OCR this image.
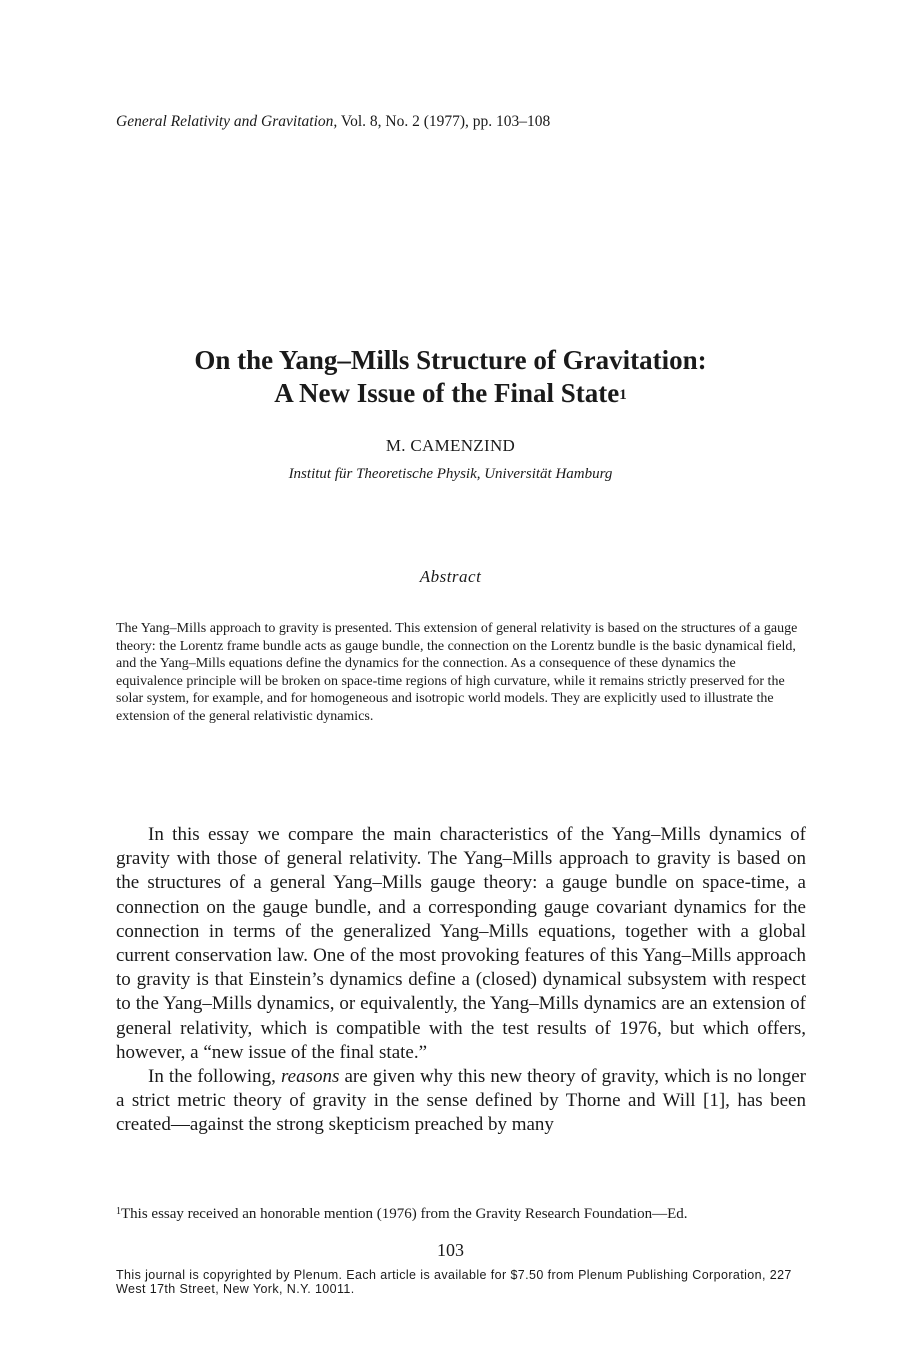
General Relativity and Gravitation, Vol. 8, No. 2 (1977), pp. 103–108
On the Yang–Mills Structure of Gravitation:
A New Issue of the Final State$^1$
M. CAMENZIND
Institut für Theoretische Physik, Universität Hamburg
Abstract
The Yang–Mills approach to gravity is presented. This extension of general relativity is based on the structures of a gauge theory: the Lorentz frame bundle acts as gauge bundle, the connection on the Lorentz bundle is the basic dynamical field, and the Yang–Mills equations define the dynamics for the connection. As a consequence of these dynamics the equivalence principle will be broken on space-time regions of high curvature, while it remains strictly preserved for the solar system, for example, and for homogeneous and isotropic world models. They are explicitly used to illustrate the extension of the general relativistic dynamics.

In this essay we compare the main characteristics of the Yang–Mills dynamics of gravity with those of general relativity. The Yang–Mills approach to gravity is based on the structures of a general Yang–Mills gauge theory: a gauge bundle on space-time, a connection on the gauge bundle, and a corresponding gauge covariant dynamics for the connection in terms of the generalized Yang–Mills equations, together with a global current conservation law. One of the most provoking features of this Yang–Mills approach to gravity is that Einstein’s dynamics define a (closed) dynamical subsystem with respect to the Yang–Mills dynamics, or equivalently, the Yang–Mills dynamics are an extension of general relativity, which is compatible with the test results of 1976, but which offers, however, a “new issue of the final state.”

In the following, reasons are given why this new theory of gravity, which is no longer a strict metric theory of gravity in the sense defined by Thorne and Will [1], has been created—against the strong skepticism preached by many

$^1$This essay received an honorable mention (1976) from the Gravity Research Foundation—Ed.
103
This journal is copyrighted by Plenum. Each article is available for $7.50 from Plenum Publishing Corporation, 227 West 17th Street, New York, N.Y. 10011.
